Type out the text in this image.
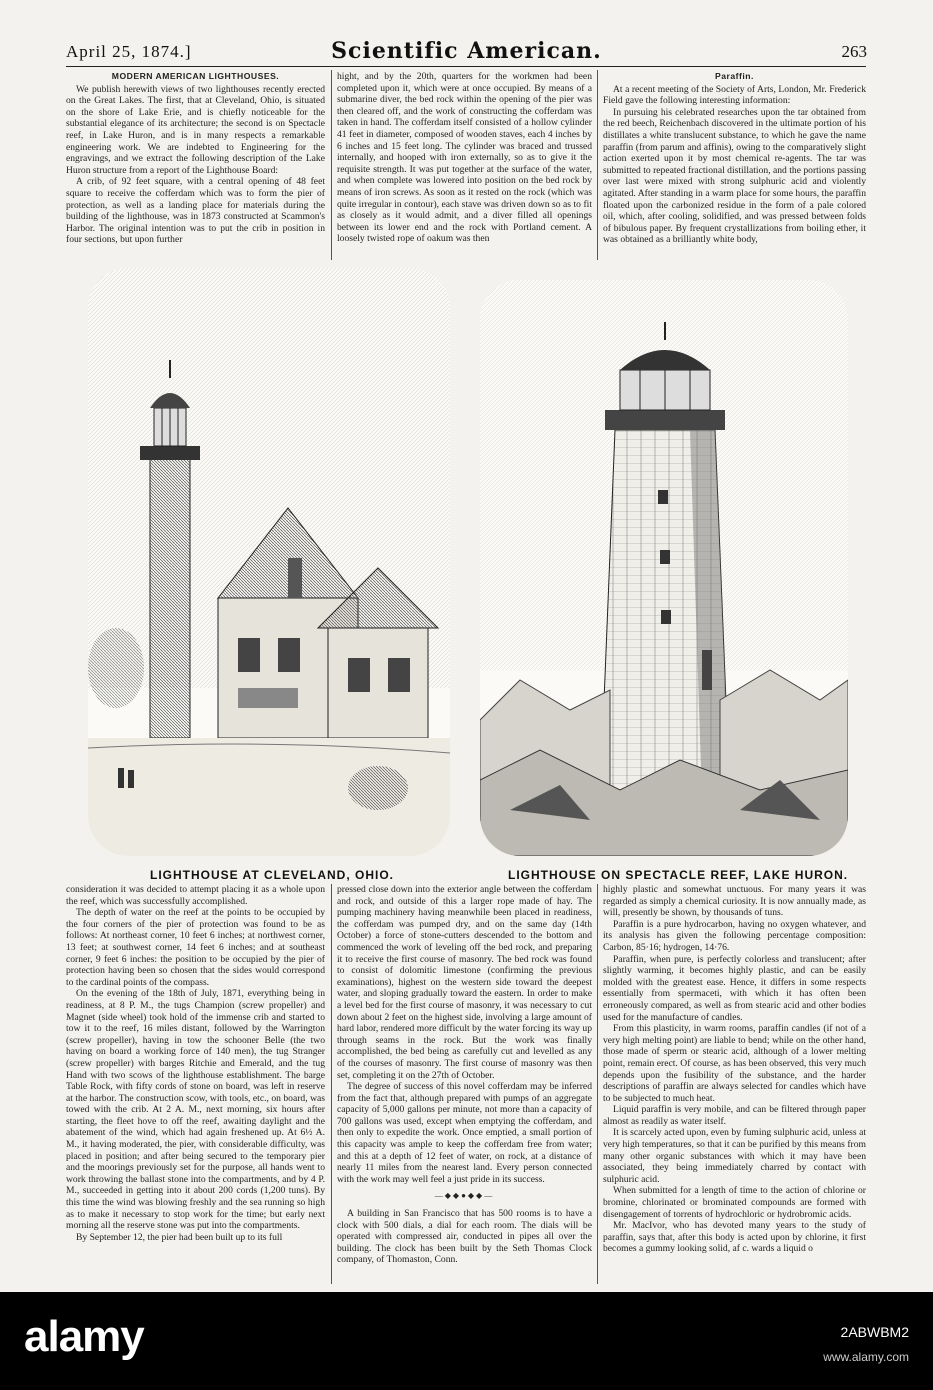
April 25, 1874.]	Scientific American.	263
MODERN AMERICAN LIGHTHOUSES.

We publish herewith views of two lighthouses recently erected on the Great Lakes. The first, that at Cleveland, Ohio, is situated on the shore of Lake Erie, and is chiefly noticeable for the substantial elegance of its architecture; the second is on Spectacle reef, in Lake Huron, and is in many respects a remarkable engineering work. We are indebted to Engineering for the engravings, and we extract the following description of the Lake Huron structure from a report of the Lighthouse Board:

A crib, of 92 feet square, with a central opening of 48 feet square to receive the cofferdam which was to form the pier of protection, as well as a landing place for materials during the building of the lighthouse, was in 1873 constructed at Scammon's Harbor. The original intention was to put the crib in position in four sections, but upon further

hight, and by the 20th, quarters for the workmen had been completed upon it, which were at once occupied. By means of a submarine diver, the bed rock within the opening of the pier was then cleared off, and the work of constructing the cofferdam was taken in hand. The cofferdam itself consisted of a hollow cylinder 41 feet in diameter, composed of wooden staves, each 4 inches by 6 inches and 15 feet long. The cylinder was braced and trussed internally, and hooped with iron externally, so as to give it the requisite strength. It was put together at the surface of the water, and when complete was lowered into position on the bed rock by means of iron screws. As soon as it rested on the rock (which was quite irregular in contour), each stave was driven down so as to fit as closely as it would admit, and a diver filled all openings between its lower end and the rock with Portland cement. A loosely twisted rope of oakum was then

Paraffin.

At a recent meeting of the Society of Arts, London, Mr. Frederick Field gave the following interesting information:

In pursuing his celebrated researches upon the tar obtained from the red beech, Reichenbach discovered in the ultimate portion of his distillates a white translucent substance, to which he gave the name paraffin (from parum and affinis), owing to the comparatively slight action exerted upon it by most chemical re-agents. The tar was submitted to repeated fractional distillation, and the portions passing over last were mixed with strong sulphuric acid and violently agitated. After standing in a warm place for some hours, the paraffin floated upon the carbonized residue in the form of a pale colored oil, which, after cooling, solidified, and was pressed between folds of bibulous paper. By frequent crystallizations from boiling ether, it was obtained as a brilliantly white body,

LIGHTHOUSE AT CLEVELAND, OHIO.	LIGHTHOUSE ON SPECTACLE REEF, LAKE HURON.

consideration it was decided to attempt placing it as a whole upon the reef, which was successfully accomplished.

The depth of water on the reef at the points to be occupied by the four corners of the pier of protection was found to be as follows: At northeast corner, 10 feet 6 inches; at northwest corner, 13 feet; at southwest corner, 14 feet 6 inches; and at southeast corner, 9 feet 6 inches: the position to be occupied by the pier of protection having been so chosen that the sides would correspond to the cardinal points of the compass.

On the evening of the 18th of July, 1871, everything being in readiness, at 8 P. M., the tugs Champion (screw propeller) and Magnet (side wheel) took hold of the immense crib and started to tow it to the reef, 16 miles distant, followed by the Warrington (screw propeller), having in tow the schooner Belle (the two having on board a working force of 140 men), the tug Stranger (screw propeller) with barges Ritchie and Emerald, and the tug Hand with two scows of the lighthouse establishment. The barge Table Rock, with fifty cords of stone on board, was left in reserve at the harbor. The construction scow, with tools, etc., on board, was towed with the crib. At 2 A. M., next morning, six hours after starting, the fleet hove to off the reef, awaiting daylight and the abatement of the wind, which had again freshened up. At 6½ A. M., it having moderated, the pier, with considerable difficulty, was placed in position; and after being secured to the temporary pier and the moorings previously set for the purpose, all hands went to work throwing the ballast stone into the compartments, and by 4 P. M., succeeded in getting into it about 200 cords (1,200 tuns). By this time the wind was blowing freshly and the sea running so high as to make it necessary to stop work for the time; but early next morning all the reserve stone was put into the compartments.

By September 12, the pier had been built up to its full

pressed close down into the exterior angle between the cofferdam and rock, and outside of this a larger rope made of hay. The pumping machinery having meanwhile been placed in readiness, the cofferdam was pumped dry, and on the same day (14th October) a force of stone-cutters descended to the bottom and commenced the work of leveling off the bed rock, and preparing it to receive the first course of masonry. The bed rock was found to consist of dolomitic limestone (confirming the previous examinations), highest on the western side toward the deepest water, and sloping gradually toward the eastern. In order to make a level bed for the first course of masonry, it was necessary to cut down about 2 feet on the highest side, involving a large amount of hard labor, rendered more difficult by the water forcing its way up through seams in the rock. But the work was finally accomplished, the bed being as carefully cut and levelled as any of the courses of masonry. The first course of masonry was then set, completing it on the 27th of October.

The degree of success of this novel cofferdam may be inferred from the fact that, although prepared with pumps of an aggregate capacity of 5,000 gallons per minute, not more than a capacity of 700 gallons was used, except when emptying the cofferdam, and then only to expedite the work. Once emptied, a small portion of this capacity was ample to keep the cofferdam free from water; and this at a depth of 12 feet of water, on rock, at a distance of nearly 11 miles from the nearest land. Every person connected with the work may well feel a just pride in its success.

—◆◆●◆◆—

A building in San Francisco that has 500 rooms is to have a clock with 500 dials, a dial for each room. The dials will be operated with compressed air, conducted in pipes all over the building. The clock has been built by the Seth Thomas Clock company, of Thomaston, Conn.

highly plastic and somewhat unctuous. For many years it was regarded as simply a chemical curiosity. It is now annually made, as will, presently be shown, by thousands of tuns.

Paraffin is a pure hydrocarbon, having no oxygen whatever, and its analysis has given the following percentage composition: Carbon, 85·16; hydrogen, 14·76.

Paraffin, when pure, is perfectly colorless and translucent; after slightly warming, it becomes highly plastic, and can be easily molded with the greatest ease. Hence, it differs in some respects essentially from spermaceti, with which it has often been erroneously compared, as well as from stearic acid and other bodies used for the manufacture of candles.

From this plasticity, in warm rooms, paraffin candles (if not of a very high melting point) are liable to bend; while on the other hand, those made of sperm or stearic acid, although of a lower melting point, remain erect. Of course, as has been observed, this very much depends upon the fusibility of the substance, and the harder descriptions of paraffin are always selected for candles which have to be subjected to much heat.

Liquid paraffin is very mobile, and can be filtered through paper almost as readily as water itself.

It is scarcely acted upon, even by fuming sulphuric acid, unless at very high temperatures, so that it can be purified by this means from many other organic substances with which it may have been associated, they being immediately charred by contact with sulphuric acid.

When submitted for a length of time to the action of chlorine or bromine, chlorinated or brominated compounds are formed with disengagement of torrents of hydrochloric or hydrobromic acids.

Mr. MacIvor, who has devoted many years to the study of paraffin, says that, after this body is acted upon by chlorine, it first becomes a gummy looking solid, af c. wards a liquid o

alamy	2ABWBM2
www.alamy.com
